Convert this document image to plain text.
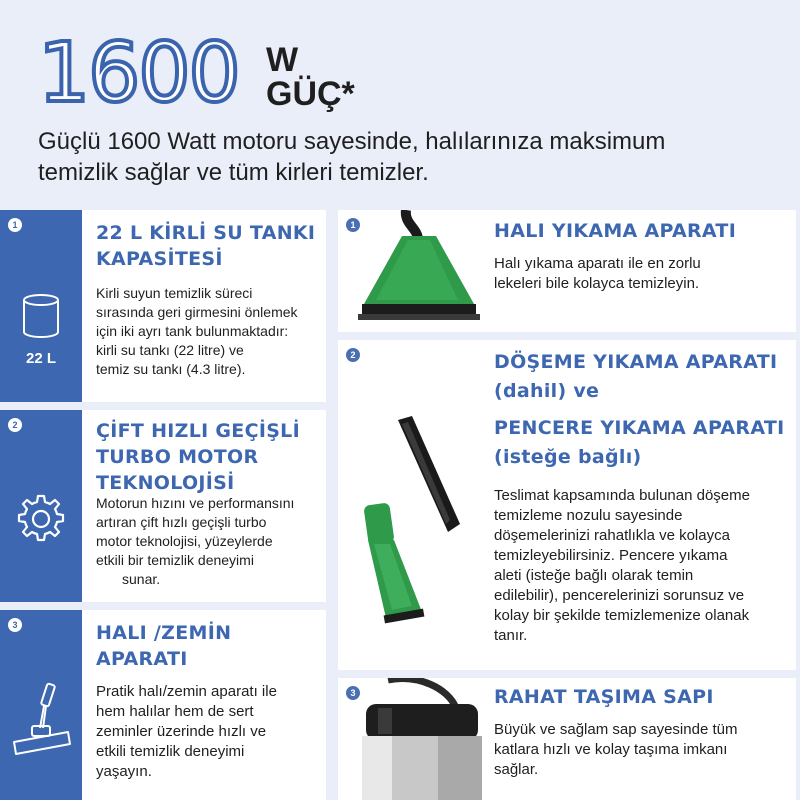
1600 W
GÜÇ*
Güçlü 1600 Watt motoru sayesinde, halılarınıza maksimum
temizlik sağlar ve tüm kirleri temizler.
1
22 L
22 L KİRLİ SU TANKI
KAPASİTESİ
Kirli suyun temizlik süreci
sırasında geri girmesini önlemek
için iki ayrı tank bulunmaktadır:
kirli su tankı (22 litre) ve
temiz su tankı (4.3 litre).
2	ÇİFT HIZLI GEÇİŞLİ
TURBO MOTOR
TEKNOLOJİSİ
Motorun hızını ve performansını
artıran çift hızlı geçişli turbo
motor teknolojisi, yüzeylerde
etkili bir temizlik deneyimi
sunar.
3	HALI /ZEMİN
APARATI
Pratik halı/zemin aparatı ile
hem halılar hem de sert
zeminler üzerinde hızlı ve
etkili temizlik deneyimi
yaşayın.
1	HALI YIKAMA APARATI
Halı yıkama aparatı ile en zorlu
lekeleri bile kolayca temizleyin.
2	DÖŞEME YIKAMA APARATI
(dahil) ve
PENCERE YIKAMA APARATI
(isteğe bağlı)
Teslimat kapsamında bulunan döşeme
temizleme nozulu sayesinde
döşemelerinizi rahatlıkla ve kolayca
temizleyebilirsiniz. Pencere yıkama
aleti (isteğe bağlı olarak temin
edilebilir), pencerelerinizi sorunsuz ve
kolay bir şekilde temizlemenize olanak
tanır.
3	RAHAT TAŞIMA SAPI
Büyük ve sağlam sap sayesinde tüm
katlara hızlı ve kolay taşıma imkanı
sağlar.
